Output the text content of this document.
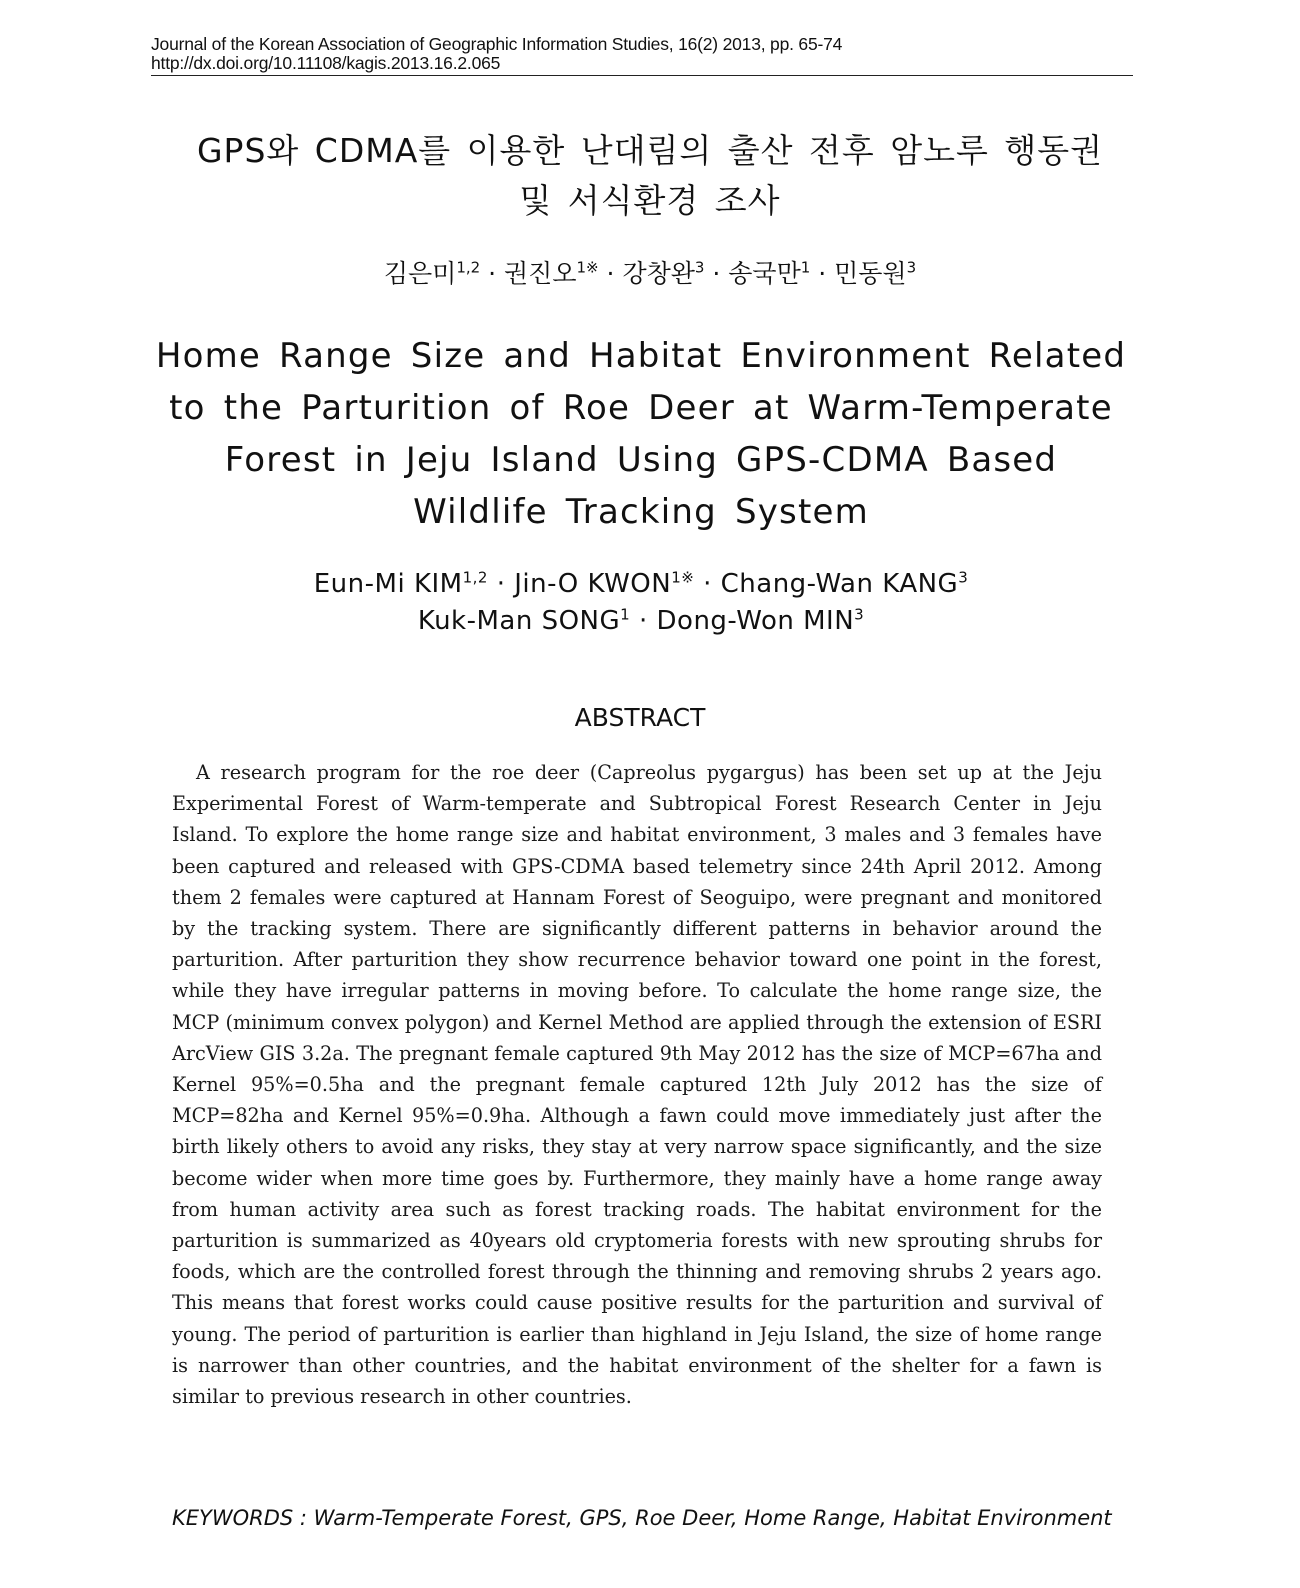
Journal of the Korean Association of Geographic Information Studies, 16(2) 2013, pp. 65-74
http://dx.doi.org/10.11108/kagis.2013.16.2.065
GPS와 CDMA를 이용한 난대림의 출산 전후 암노루 행동권
및 서식환경 조사
김은미$^{1,2}$ · 권진오$^{1※}$ · 강창완$^3$ · 송국만$^1$ · 민동원$^3$
Home Range Size and Habitat Environment Related
to the Parturition of Roe Deer at Warm-Temperate
Forest in Jeju Island Using GPS-CDMA Based
Wildlife Tracking System
Eun-Mi KIM$^{1,2}$ · Jin-O $KWON^{1※}$ · Chang-Wan KANG$^3$
Kuk-Man $SONG^1$ · Dong-Won MIN$^3$
ABSTRACT
A research program for the roe deer (Capreolus pygargus) has been set up at the Jeju Experimental Forest of Warm-temperate and Subtropical Forest Research Center in Jeju Island. To explore the home range size and habitat environment, 3 males and 3 females have been captured and released with GPS-CDMA based telemetry since 24th April 2012. Among them 2 females were captured at Hannam Forest of Seoguipo, were pregnant and monitored by the tracking system. There are significantly different patterns in behavior around the parturition. After parturition they show recurrence behavior toward one point in the forest, while they have irregular patterns in moving before. To calculate the home range size, the MCP (minimum convex polygon) and Kernel Method are applied through the extension of ESRI ArcView GIS 3.2a. The pregnant female captured 9th May 2012 has the size of MCP=67ha and Kernel 95%=0.5ha and the pregnant female captured 12th July 2012 has the size of MCP=82ha and Kernel 95%=0.9ha. Although a fawn could move immediately just after the birth likely others to avoid any risks, they stay at very narrow space significantly, and the size become wider when more time goes by. Furthermore, they mainly have a home range away from human activity area such as forest tracking roads. The habitat environment for the parturition is summarized as 40years old cryptomeria forests with new sprouting shrubs for foods, which are the controlled forest through the thinning and removing shrubs 2 years ago. This means that forest works could cause positive results for the parturition and survival of young. The period of parturition is earlier than highland in Jeju Island, the size of home range is narrower than other countries, and the habitat environment of the shelter for a fawn is similar to previous research in other countries.
KEYWORDS : Warm-Temperate Forest, GPS, Roe Deer, Home Range, Habitat Environment
